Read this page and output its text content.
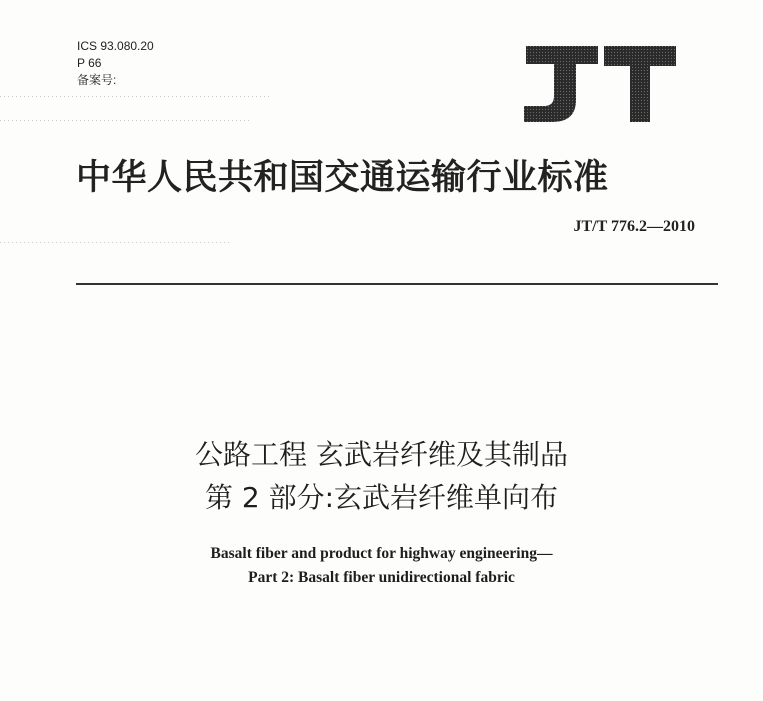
ICS 93.080.20
P 66
备案号:
中华人民共和国交通运输行业标准
JT/T 776.2—2010
公路工程 玄武岩纤维及其制品
第 2 部分:玄武岩纤维单向布
Basalt fiber and product for highway engineering—
Part 2: Basalt fiber unidirectional fabric
